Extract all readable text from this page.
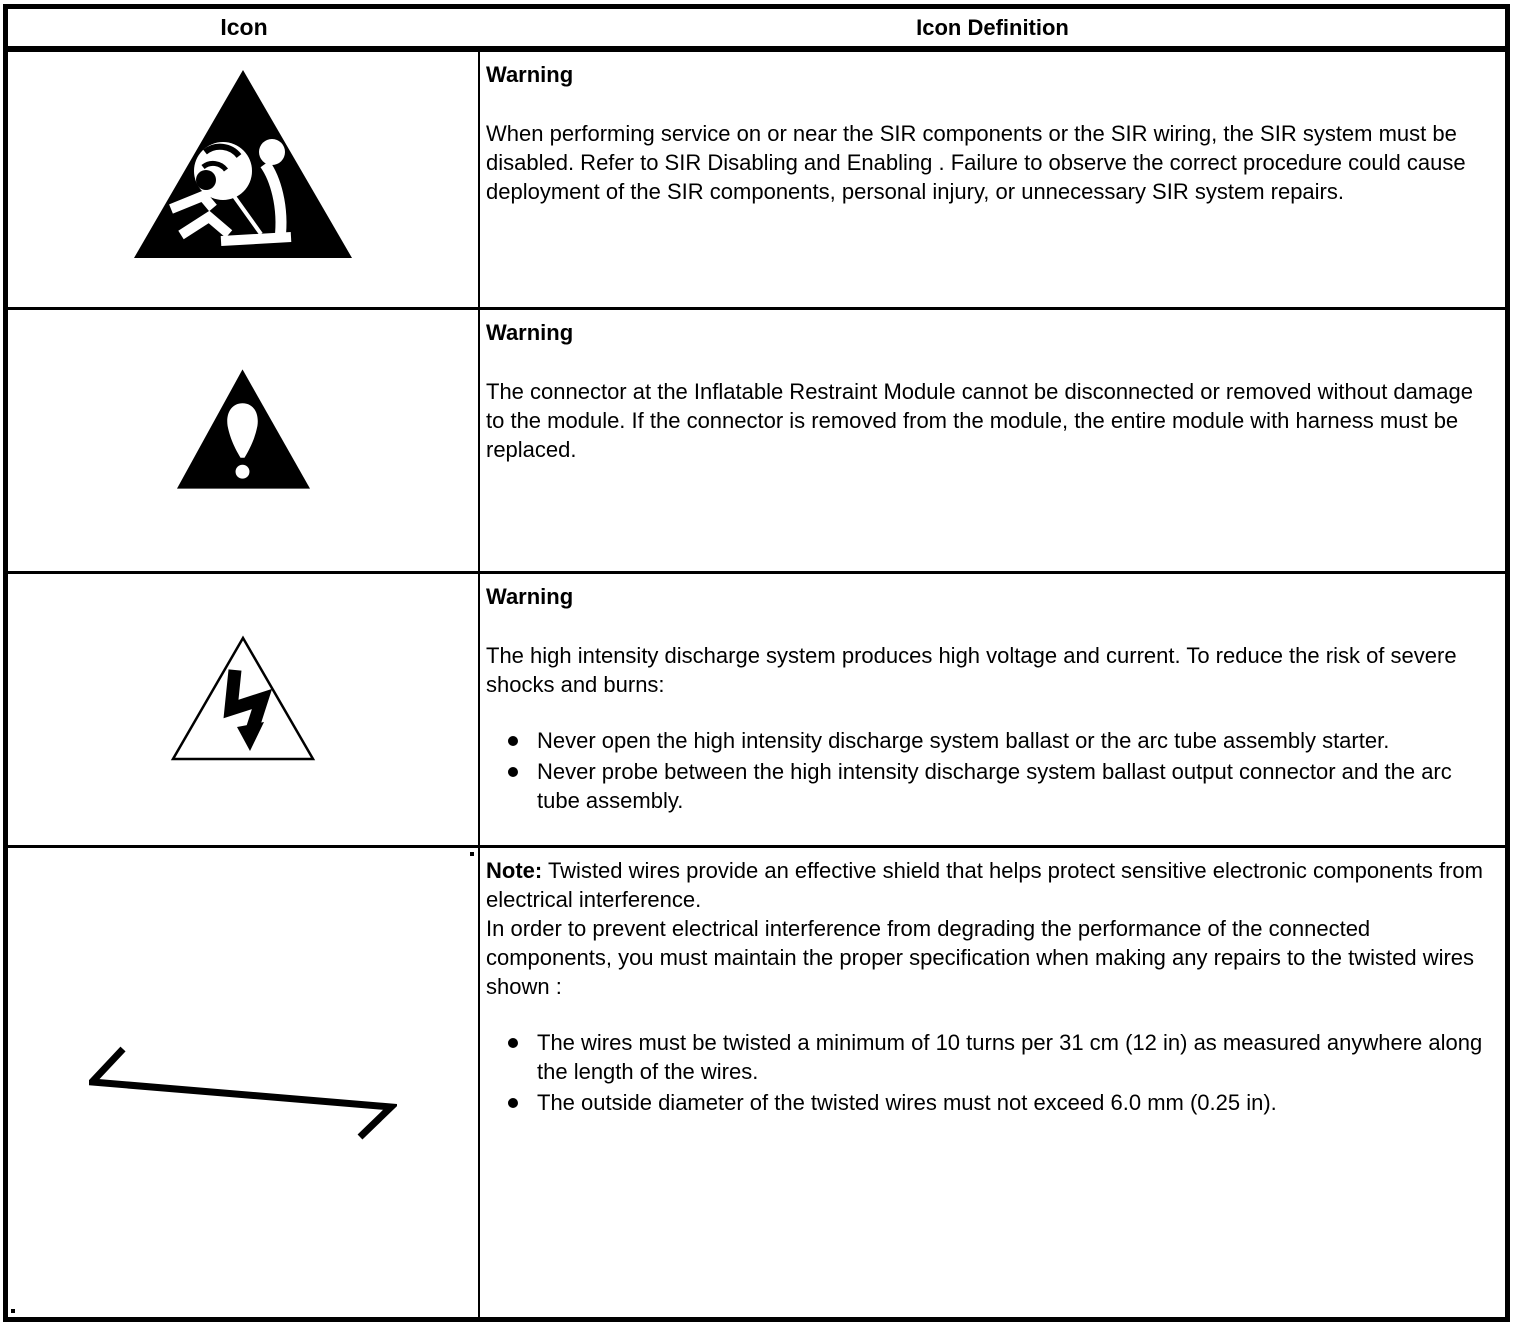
Icon	Icon Definition

Warning

When performing service on or near the SIR components or the SIR wiring, the SIR system must be disabled. Refer to SIR Disabling and Enabling . Failure to observe the correct procedure could cause deployment of the SIR components, personal injury, or unnecessary SIR system repairs.

Warning

The connector at the Inflatable Restraint Module cannot be disconnected or removed without damage to the module. If the connector is removed from the module, the entire module with harness must be replaced.

Warning

The high intensity discharge system produces high voltage and current. To reduce the risk of severe shocks and burns:

Never open the high intensity discharge system ballast or the arc tube assembly starter.
Never probe between the high intensity discharge system ballast output connector and the arc tube assembly.

Note: Twisted wires provide an effective shield that helps protect sensitive electronic components from electrical interference.

In order to prevent electrical interference from degrading the performance of the connected components, you must maintain the proper specification when making any repairs to the twisted wires shown :

The wires must be twisted a minimum of 10 turns per 31 cm (12 in) as measured anywhere along the length of the wires.
The outside diameter of the twisted wires must not exceed 6.0 mm (0.25 in).
